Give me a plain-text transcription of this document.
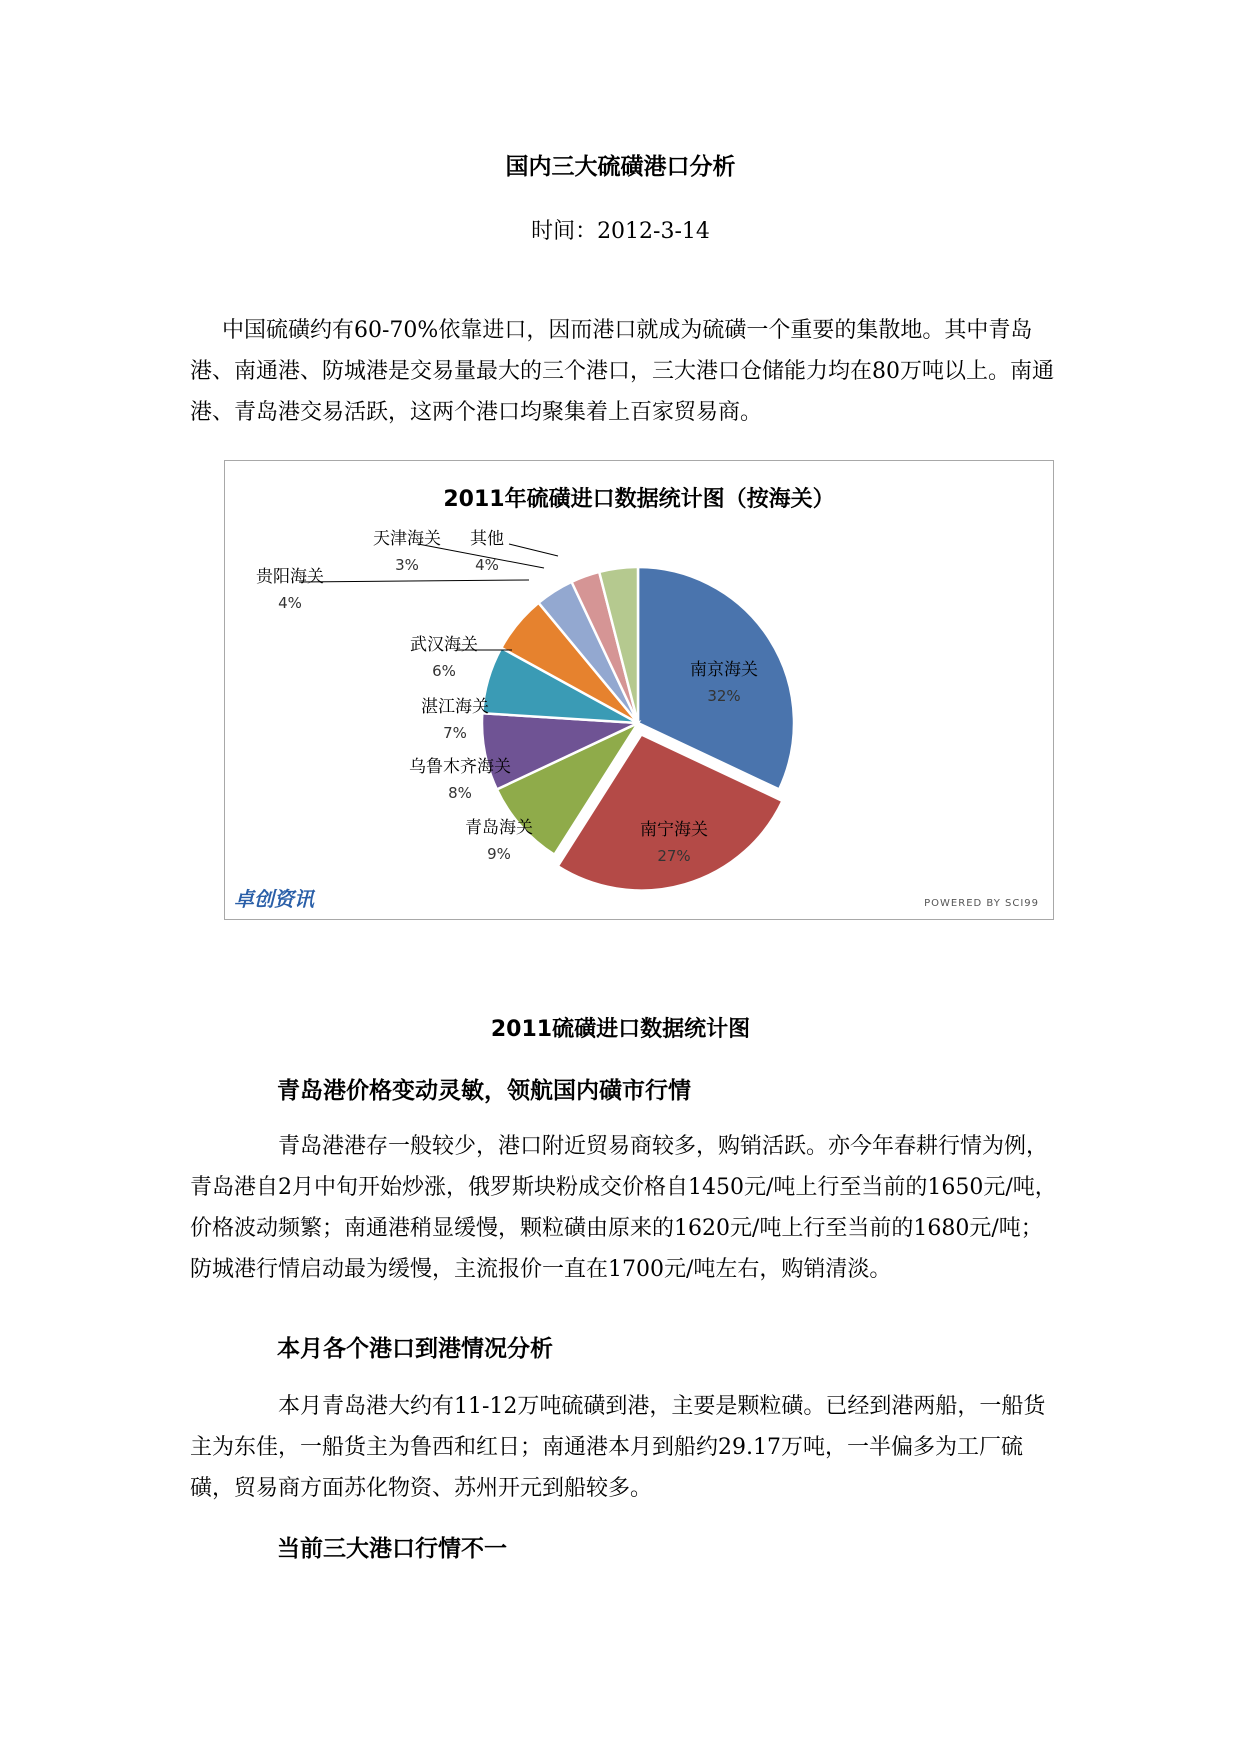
国内三大硫磺港口分析
时间：2012-3-14

中国硫磺约有60-70%依靠进口，因而港口就成为硫磺一个重要的集散地。其中青岛港、南通港、防城港是交易量最大的三个港口，三大港口仓储能力均在80万吨以上。南通港、青岛港交易活跃，这两个港口均聚集着上百家贸易商。

2011年硫磺进口数据统计图（按海关）
南京海关
32%
南宁海关
27%
青岛海关
9%
乌鲁木齐海关
8%
湛江海关
7%
武汉海关
6%
贵阳海关
4%
天津海关
3%
其他
4%
卓创资讯	POWERED BY SCI99
2011硫磺进口数据统计图
青岛港价格变动灵敏，领航国内磺市行情

青岛港港存一般较少，港口附近贸易商较多，购销活跃。亦今年春耕行情为例，青岛港自2月中旬开始炒涨，俄罗斯块粉成交价格自1450元/吨上行至当前的1650元/吨，价格波动频繁；南通港稍显缓慢，颗粒磺由原来的1620元/吨上行至当前的1680元/吨；防城港行情启动最为缓慢，主流报价一直在1700元/吨左右，购销清淡。

本月各个港口到港情况分析

本月青岛港大约有11-12万吨硫磺到港，主要是颗粒磺。已经到港两船，一船货主为东佳，一船货主为鲁西和红日；南通港本月到船约29.17万吨，一半偏多为工厂硫磺，贸易商方面苏化物资、苏州开元到船较多。

当前三大港口行情不一
